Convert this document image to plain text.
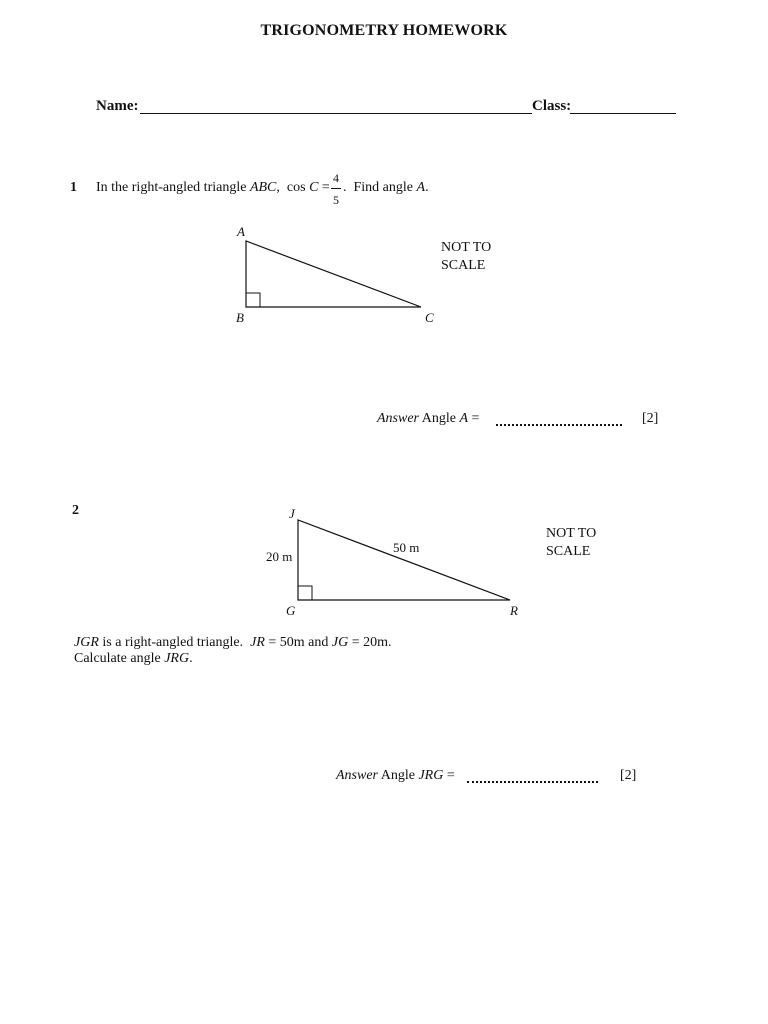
TRIGONOMETRY HOMEWORK
Name:	Class:
1 In the right-angled triangle ABC,  cos C =
4
5
.  Find angle A.
A
B	C
NOT TO
SCALE
Answer Angle A =	[2]
2	J
G	R
20 m
50 m
NOT TO
SCALE
JGR is a right-angled triangle.  JR = 50m and JG = 20m.
Calculate angle JRG.
Answer Angle JRG =	[2]
